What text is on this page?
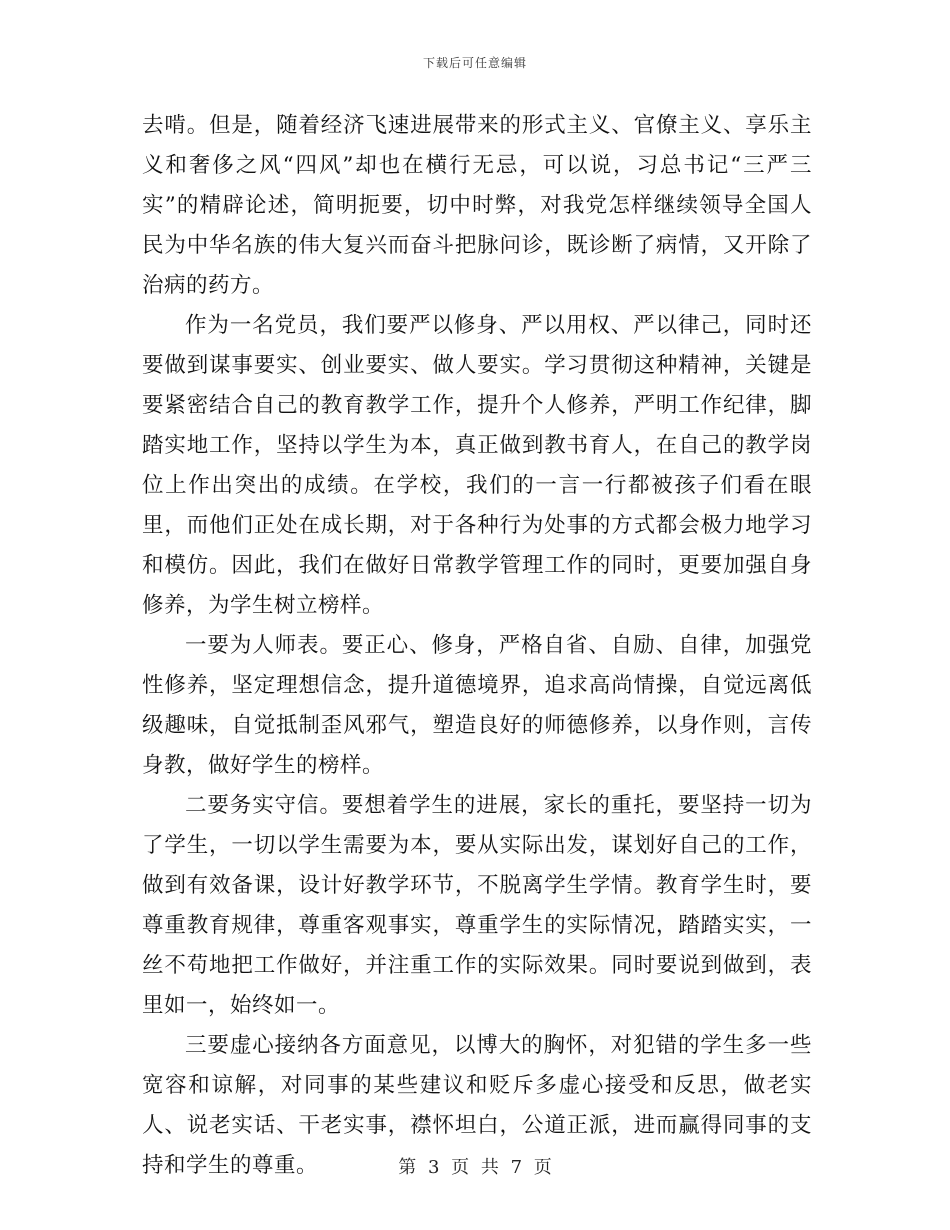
下载后可任意编辑

去啃。但是，随着经济飞速进展带来的形式主义、官僚主义、享乐主义和奢侈之风“四风”却也在横行无忌，可以说，习总书记“三严三实”的精辟论述，简明扼要，切中时弊，对我党怎样继续领导全国人民为中华名族的伟大复兴而奋斗把脉问诊，既诊断了病情，又开除了治病的药方。

作为一名党员，我们要严以修身、严以用权、严以律己，同时还要做到谋事要实、创业要实、做人要实。学习贯彻这种精神，关键是要紧密结合自己的教育教学工作，提升个人修养，严明工作纪律，脚踏实地工作，坚持以学生为本，真正做到教书育人，在自己的教学岗位上作出突出的成绩。在学校，我们的一言一行都被孩子们看在眼里，而他们正处在成长期，对于各种行为处事的方式都会极力地学习和模仿。因此，我们在做好日常教学管理工作的同时，更要加强自身修养，为学生树立榜样。

一要为人师表。要正心、修身，严格自省、自励、自律，加强党性修养，坚定理想信念，提升道德境界，追求高尚情操，自觉远离低级趣味，自觉抵制歪风邪气，塑造良好的师德修养，以身作则，言传身教，做好学生的榜样。

二要务实守信。要想着学生的进展，家长的重托，要坚持一切为了学生，一切以学生需要为本，要从实际出发，谋划好自己的工作，做到有效备课，设计好教学环节，不脱离学生学情。教育学生时，要尊重教育规律，尊重客观事实，尊重学生的实际情况，踏踏实实，一丝不苟地把工作做好，并注重工作的实际效果。同时要说到做到，表里如一，始终如一。

三要虚心接纳各方面意见，以博大的胸怀，对犯错的学生多一些宽容和谅解，对同事的某些建议和贬斥多虚心接受和反思，做老实人、说老实话、干老实事，襟怀坦白，公道正派，进而赢得同事的支持和学生的尊重。	第 3 页 共 7 页
